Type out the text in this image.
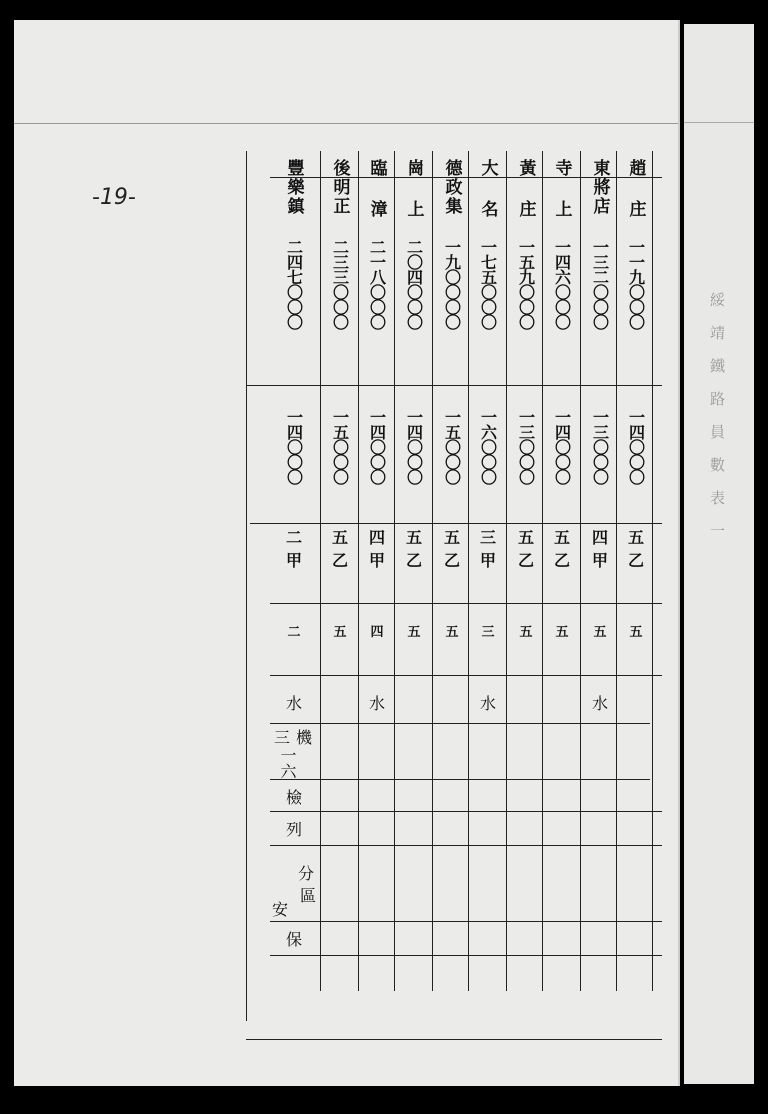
-19-	趙 庄
一一九〇〇〇
一四〇〇〇
五
乙
五
東將店
一三二〇〇〇
一三〇〇〇
四
甲
五
水
寺 上
一四六〇〇〇
一四〇〇〇
五
乙
五
黃 庄
一五九〇〇〇
一三〇〇〇
五
乙
五
大 名
一七五〇〇〇
一六〇〇〇
三
甲
三
水
德政集
一九〇〇〇〇
一五〇〇〇
五
乙
五
崗 上
二〇四〇〇〇
一四〇〇〇
五
乙
五
臨 漳
二一八〇〇〇
一四〇〇〇
四
甲
四
水
後明正
二三三〇〇〇
一五〇〇〇
五
乙
五
豐樂鎮
二四七〇〇〇
一四〇〇〇
二
甲
二
水
三 機
一六
檢
列
分
區
安
保
綏 靖 鐵 路 員 數 表 一
